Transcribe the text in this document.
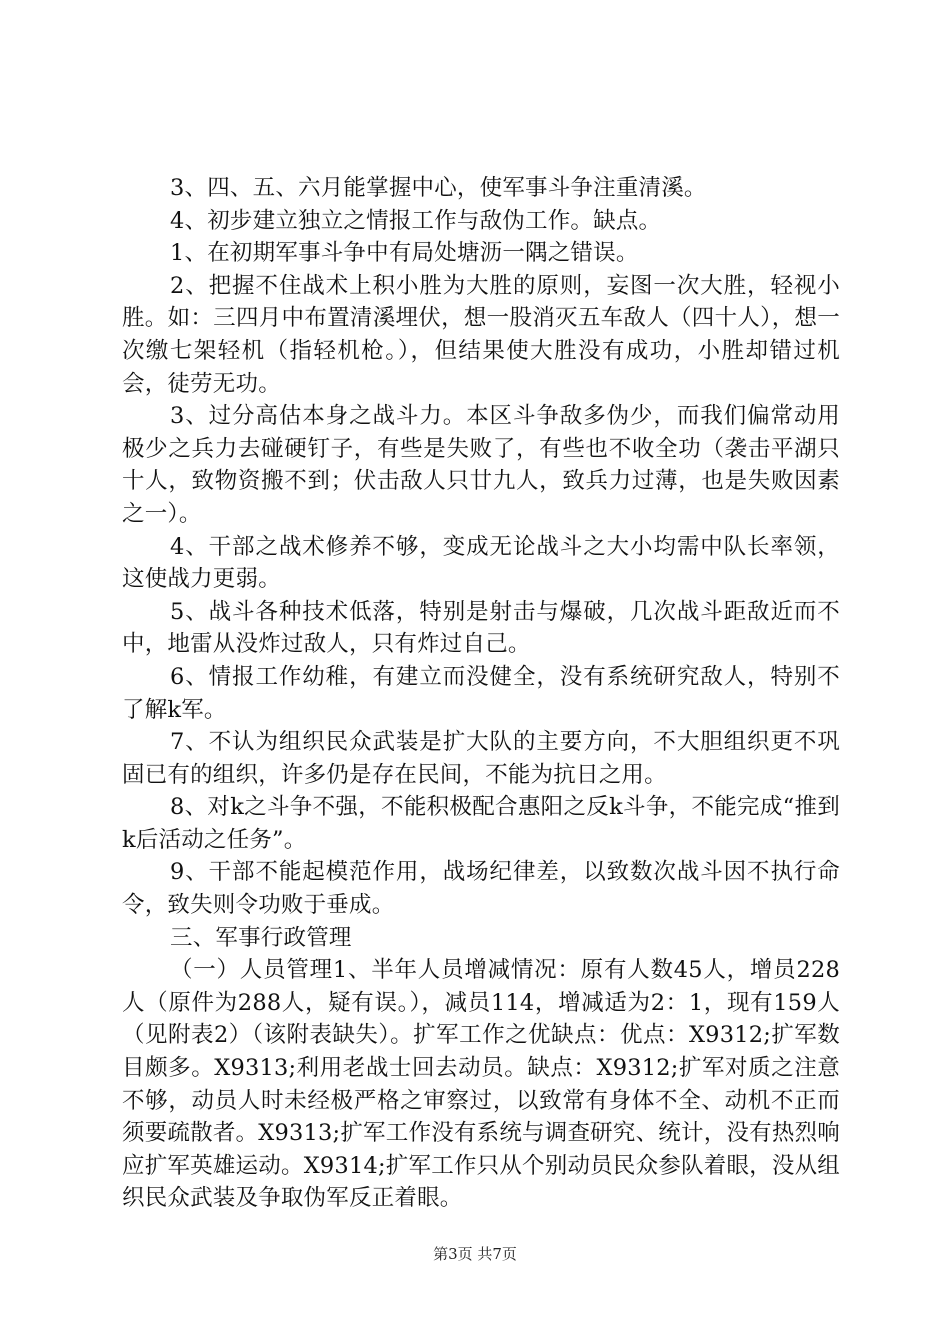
3、四、五、六月能掌握中心，使军事斗争注重清溪。

4、初步建立独立之情报工作与敌伪工作。缺点。

1、在初期军事斗争中有局处塘沥一隅之错误。

2、把握不住战术上积小胜为大胜的原则，妄图一次大胜，轻视小胜。如：三四月中布置清溪埋伏，想一股消灭五车敌人（四十人），想一次缴七架轻机（指轻机枪。），但结果使大胜没有成功，小胜却错过机会，徒劳无功。

3、过分高估本身之战斗力。本区斗争敌多伪少，而我们偏常动用极少之兵力去碰硬钉子，有些是失败了，有些也不收全功（袭击平湖只十人，致物资搬不到；伏击敌人只廿九人，致兵力过薄，也是失败因素之一）。

4、干部之战术修养不够，变成无论战斗之大小均需中队长率领，这使战力更弱。

5、战斗各种技术低落，特别是射击与爆破，几次战斗距敌近而不中，地雷从没炸过敌人，只有炸过自己。

6、情报工作幼稚，有建立而没健全，没有系统研究敌人，特别不了解k军。

7、不认为组织民众武装是扩大队的主要方向，不大胆组织更不巩固已有的组织，许多仍是存在民间，不能为抗日之用。

8、对k之斗争不强，不能积极配合惠阳之反k斗争，不能完成“推到k后活动之任务”。

9、干部不能起模范作用，战场纪律差，以致数次战斗因不执行命令，致失则令功败于垂成。

三、军事行政管理

（一）人员管理1、半年人员增减情况：原有人数45人，增员228人（原件为288人，疑有误。），减员114，增减适为2：1，现有159人（见附表2）（该附表缺失）。扩军工作之优缺点：优点：X9312;扩军数目颇多。X9313;利用老战士回去动员。缺点：X9312;扩军对质之注意不够，动员人时未经极严格之审察过，以致常有身体不全、动机不正而须要疏散者。X9313;扩军工作没有系统与调查研究、统计，没有热烈响应扩军英雄运动。X9314;扩军工作只从个别动员民众参队着眼，没从组织民众武装及争取伪军反正着眼。

第3页 共7页
